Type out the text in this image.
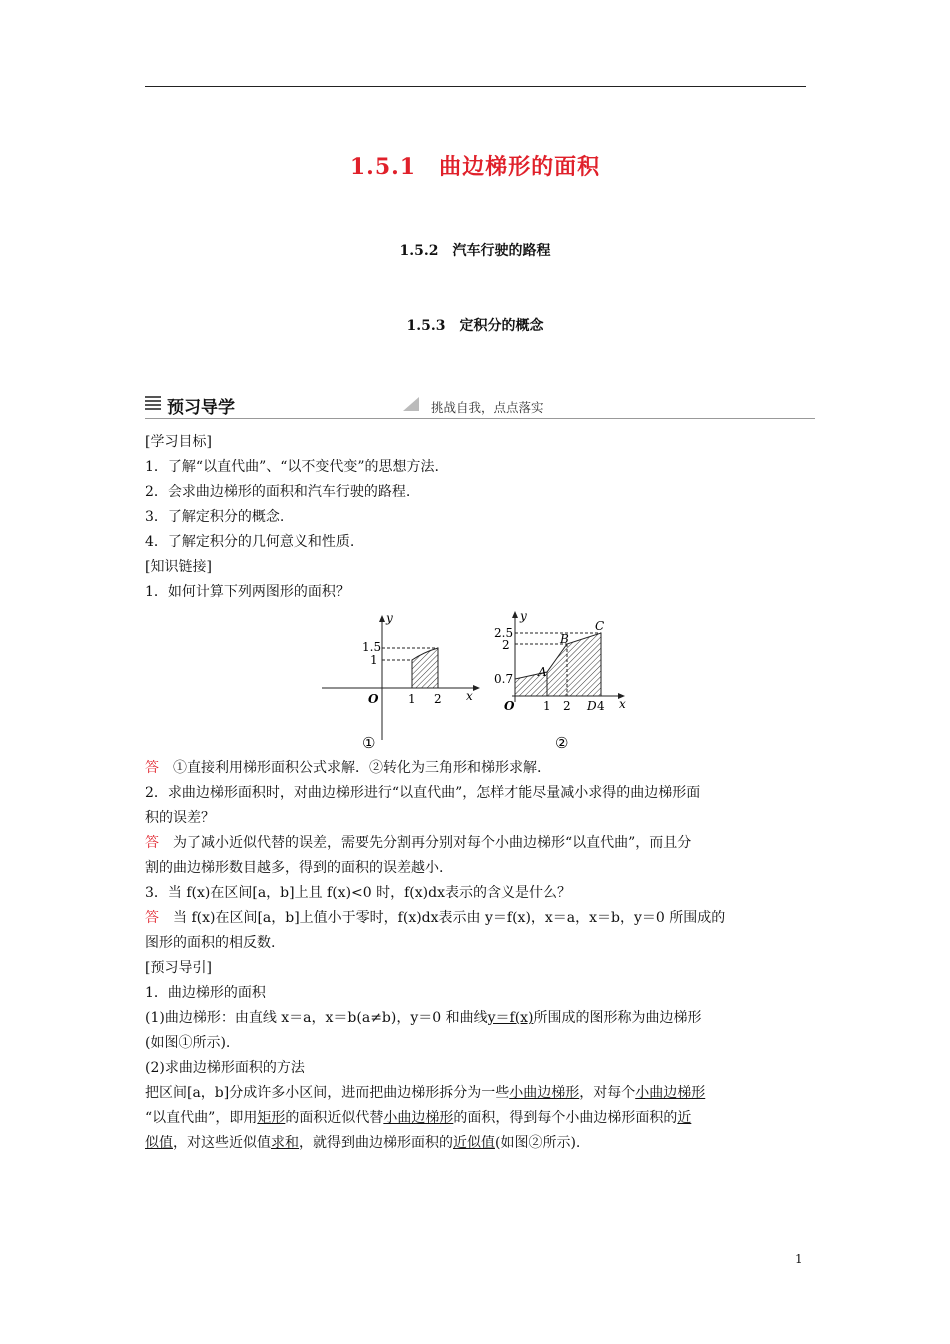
1.5.1　曲边梯形的面积
1.5.2　汽车行驶的路程
1.5.3　定积分的概念
预习导学	挑战自我，点点落实
[学习目标]
1．了解“以直代曲”、“以不变代变”的思想方法.
2．会求曲边梯形的面积和汽车行驶的路程.
3．了解定积分的概念.
4．了解定积分的几何意义和性质.
[知识链接]
1．如何计算下列两图形的面积？
1.5
1
1 2
O	x
y
①
2.5
2
0.7
1 2 D 4
A
B
C
O	x
y
②
答　①直接利用梯形面积公式求解．②转化为三角形和梯形求解.
2．求曲边梯形面积时，对曲边梯形进行“以直代曲”，怎样才能尽量减小求得的曲边梯形面
积的误差？
答　为了减小近似代替的误差，需要先分割再分别对每个小曲边梯形“以直代曲”，而且分
割的曲边梯形数目越多，得到的面积的误差越小.
3．当 f(x)在区间[a，b]上且 f(x)<0 时，f(x)dx表示的含义是什么？
答　当 f(x)在区间[a，b]上值小于零时，f(x)dx表示由 y＝f(x)，x＝a，x＝b，y＝0 所围成的
图形的面积的相反数.
[预习导引]
1．曲边梯形的面积
(1)曲边梯形：由直线 x＝a，x＝b(a≠b)，y＝0 和曲线y＝f(x)所围成的图形称为曲边梯形
(如图①所示).
(2)求曲边梯形面积的方法
把区间[a，b]分成许多小区间，进而把曲边梯形拆分为一些小曲边梯形，对每个小曲边梯形
“以直代曲”，即用矩形的面积近似代替小曲边梯形的面积，得到每个小曲边梯形面积的近
似值，对这些近似值求和，就得到曲边梯形面积的近似值(如图②所示).
1
